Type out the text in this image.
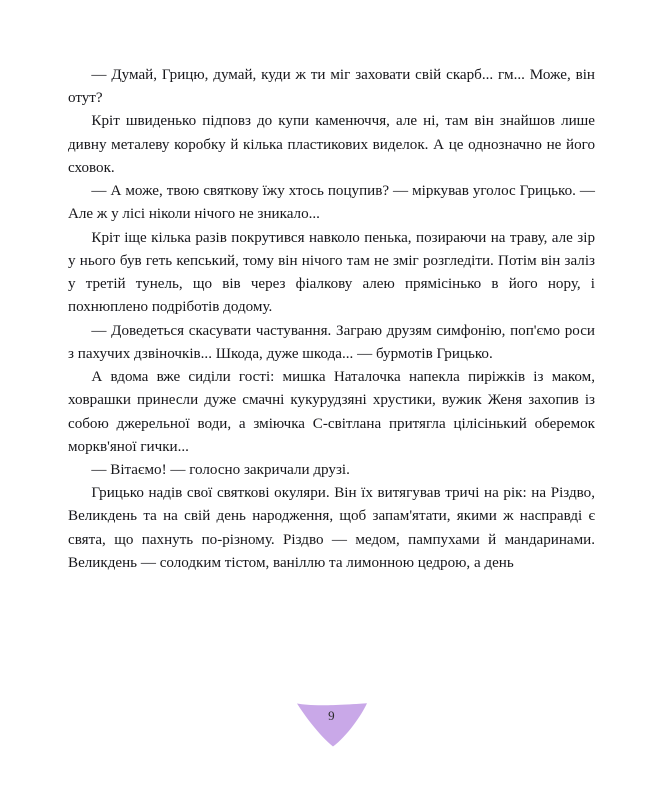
— Думай, Грицю, думай, куди ж ти міг заховати свій скарб... гм... Може, він отут?

Кріт швиденько підповз до купи каменюччя, але ні, там він знайшов лише дивну металеву коробку й кілька пластикових виделок. А це однозначно не його сховок.

— А може, твою святкову їжу хтось поцупив? — міркував уголос Грицько. — Але ж у лісі ніколи нічого не зникало...

Кріт іще кілька разів покрутився навколо пенька, позираючи на траву, але зір у нього був геть кепський, тому він нічого там не зміг розгледіти. Потім він заліз у третій тунель, що вів через фіалкову алею прямісінько в його нору, і похнюплено подріботів додому.

— Доведеться скасувати частування. Заграю друзям симфонію, поп'ємо роси з пахучих дзвіночків... Шкода, дуже шкода... — бурмотів Грицько.

А вдома вже сиділи гості: мишка Наталочка напекла пиріжків із маком, ховрашки принесли дуже смачні кукурудзяні хрустики, вужик Женя захопив із собою джерельної води, а змiючка С-світлана притягла цілісінький оберемок моркв'яної гички...

— Вітаємо! — голосно закричали друзі.

Грицько надів свої святкові окуляри. Він їх витягував тричі на рік: на Різдво, Великдень та на свій день народження, щоб запам'ятати, якими ж насправді є свята, що пахнуть по-різному. Різдво — медом, пампухами й мандаринами. Великдень — солодким тістом, ваніллю та лимонною цедрою, а день

9
